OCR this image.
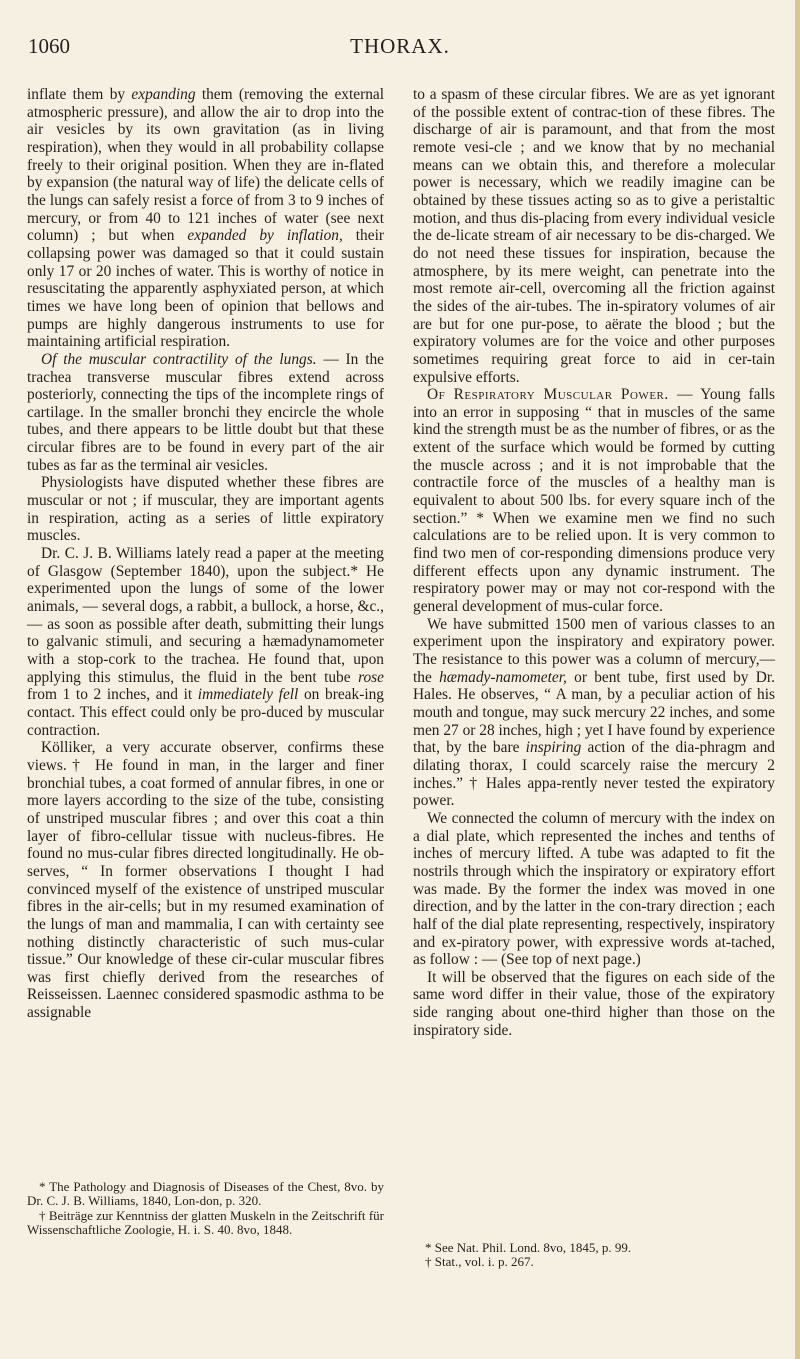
1060	THORAX.

inflate them by expanding them (removing the external atmospheric pressure), and allow the air to drop into the air vesicles by its own gravitation (as in living respiration), when they would in all probability collapse freely to their original position. When they are in-flated by expansion (the natural way of life) the delicate cells of the lungs can safely resist a force of from 3 to 9 inches of mercury, or from 40 to 121 inches of water (see next column) ; but when expanded by inflation, their collapsing power was damaged so that it could sustain only 17 or 20 inches of water. This is worthy of notice in resuscitating the apparently asphyxiated person, at which times we have long been of opinion that bellows and pumps are highly dangerous instruments to use for maintaining artificial respiration.

Of the muscular contractility of the lungs. — In the trachea transverse muscular fibres extend across posteriorly, connecting the tips of the incomplete rings of cartilage. In the smaller bronchi they encircle the whole tubes, and there appears to be little doubt but that these circular fibres are to be found in every part of the air tubes as far as the terminal air vesicles.

Physiologists have disputed whether these fibres are muscular or not ; if muscular, they are important agents in respiration, acting as a series of little expiratory muscles.

Dr. C. J. B. Williams lately read a paper at the meeting of Glasgow (September 1840), upon the subject.* He experimented upon the lungs of some of the lower animals, — several dogs, a rabbit, a bullock, a horse, &c., — as soon as possible after death, submitting their lungs to galvanic stimuli, and securing a hæmadynamometer with a stop-cork to the trachea. He found that, upon applying this stimulus, the fluid in the bent tube rose from 1 to 2 inches, and it immediately fell on break-ing contact. This effect could only be pro-duced by muscular contraction.

Kölliker, a very accurate observer, confirms these views.† He found in man, in the larger and finer bronchial tubes, a coat formed of annular fibres, in one or more layers according to the size of the tube, consisting of unstriped muscular fibres ; and over this coat a thin layer of fibro-cellular tissue with nucleus-fibres. He found no mus-cular fibres directed longitudinally. He ob-serves, “ In former observations I thought I had convinced myself of the existence of unstriped muscular fibres in the air-cells; but in my resumed examination of the lungs of man and mammalia, I can with certainty see nothing distinctly characteristic of such mus-cular tissue.” Our knowledge of these cir-cular muscular fibres was first chiefly derived from the researches of Reisseissen. Laennec considered spasmodic asthma to be assignable

* The Pathology and Diagnosis of Diseases of the Chest, 8vo. by Dr. C. J. B. Williams, 1840, Lon-don, p. 320.

† Beiträge zur Kenntniss der glatten Muskeln in the Zeitschrift für Wissenschaftliche Zoologie, H. i. S. 40. 8vo, 1848.

to a spasm of these circular fibres. We are as yet ignorant of the possible extent of contrac-tion of these fibres. The discharge of air is paramount, and that from the most remote vesi-cle ; and we know that by no mechanial means can we obtain this, and therefore a molecular power is necessary, which we readily imagine can be obtained by these tissues acting so as to give a peristaltic motion, and thus dis-placing from every individual vesicle the de-licate stream of air necessary to be dis-charged. We do not need these tissues for inspiration, because the atmosphere, by its mere weight, can penetrate into the most remote air-cell, overcoming all the friction against the sides of the air-tubes. The in-spiratory volumes of air are but for one pur-pose, to aërate the blood ; but the expiratory volumes are for the voice and other purposes sometimes requiring great force to aid in cer-tain expulsive efforts.

Of Respiratory Muscular Power. — Young falls into an error in supposing “ that in muscles of the same kind the strength must be as the number of fibres, or as the extent of the surface which would be formed by cutting the muscle across ; and it is not improbable that the contractile force of the muscles of a healthy man is equivalent to about 500 lbs. for every square inch of the section.” * When we examine men we find no such calculations are to be relied upon. It is very common to find two men of cor-responding dimensions produce very different effects upon any dynamic instrument. The respiratory power may or may not cor-respond with the general development of mus-cular force.

We have submitted 1500 men of various classes to an experiment upon the inspiratory and expiratory power. The resistance to this power was a column of mercury,—the hæmady-namometer, or bent tube, first used by Dr. Hales. He observes, “ A man, by a peculiar action of his mouth and tongue, may suck mercury 22 inches, and some men 27 or 28 inches, high ; yet I have found by experience that, by the bare inspiring action of the dia-phragm and dilating thorax, I could scarcely raise the mercury 2 inches.” † Hales appa-rently never tested the expiratory power.

We connected the column of mercury with the index on a dial plate, which represented the inches and tenths of inches of mercury lifted. A tube was adapted to fit the nostrils through which the inspiratory or expiratory effort was made. By the former the index was moved in one direction, and by the latter in the con-trary direction ; each half of the dial plate representing, respectively, inspiratory and ex-piratory power, with expressive words at-tached, as follow : — (See top of next page.)

It will be observed that the figures on each side of the same word differ in their value, those of the expiratory side ranging about one-third higher than those on the inspiratory side.

* See Nat. Phil. Lond. 8vo, 1845, p. 99.

† Stat., vol. i. p. 267.
